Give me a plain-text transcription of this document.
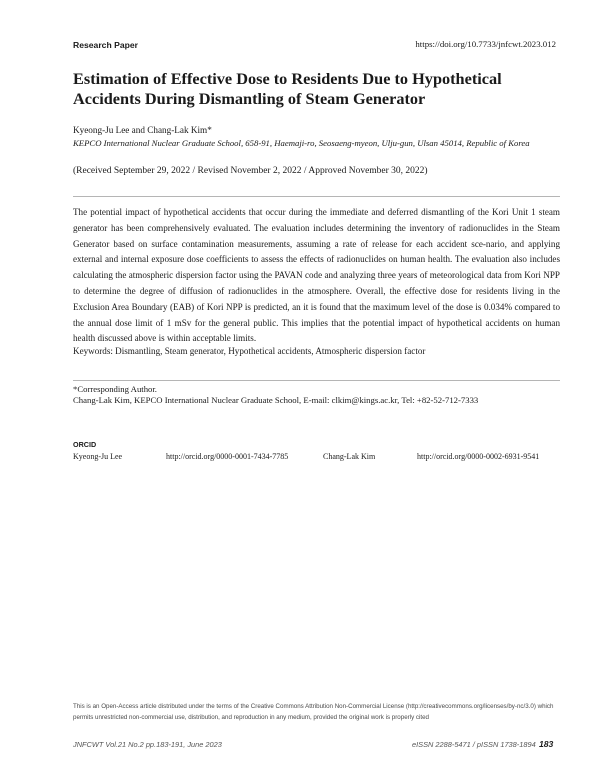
Research Paper	https://doi.org/10.7733/jnfcwt.2023.012
Estimation of Effective Dose to Residents Due to Hypothetical Accidents During Dismantling of Steam Generator
Kyeong-Ju Lee and Chang-Lak Kim*
KEPCO International Nuclear Graduate School, 658-91, Haemaji-ro, Seosaeng-myeon, Ulju-gun, Ulsan 45014, Republic of Korea
(Received September 29, 2022 / Revised November 2, 2022 / Approved November 30, 2022)

The potential impact of hypothetical accidents that occur during the immediate and deferred dismantling of the Kori Unit 1 steam generator has been comprehensively evaluated. The evaluation includes determining the inventory of radionuclides in the Steam Generator based on surface contamination measurements, assuming a rate of release for each accident sce-nario, and applying external and internal exposure dose coefficients to assess the effects of radionuclides on human health. The evaluation also includes calculating the atmospheric dispersion factor using the PAVAN code and analyzing three years of meteorological data from Kori NPP to determine the degree of diffusion of radionuclides in the atmosphere. Overall, the effective dose for residents living in the Exclusion Area Boundary (EAB) of Kori NPP is predicted, an it is found that the maximum level of the dose is 0.034% compared to the annual dose limit of 1 mSv for the general public. This implies that the potential impact of hypothetical accidents on human health discussed above is within acceptable limits.

Keywords: Dismantling, Steam generator, Hypothetical accidents, Atmospheric dispersion factor
*Corresponding Author.
Chang-Lak Kim, KEPCO International Nuclear Graduate School, E-mail: clkim@kings.ac.kr, Tel: +82-52-712-7333
ORCID
Kyeong-Ju Lee	http://orcid.org/0000-0001-7434-7785	Chang-Lak Kim	http://orcid.org/0000-0002-6931-9541

This is an Open-Access article distributed under the terms of the Creative Commons Attribution Non-Commercial License (http://creativecommons.org/licenses/by-nc/3.0) which permits unrestricted non-commercial use, distribution, and reproduction in any medium, provided the original work is properly cited

JNFCWT Vol.21 No.2 pp.183-191, June 2023	eISSN 2288-5471 / pISSN 1738-1894 183
